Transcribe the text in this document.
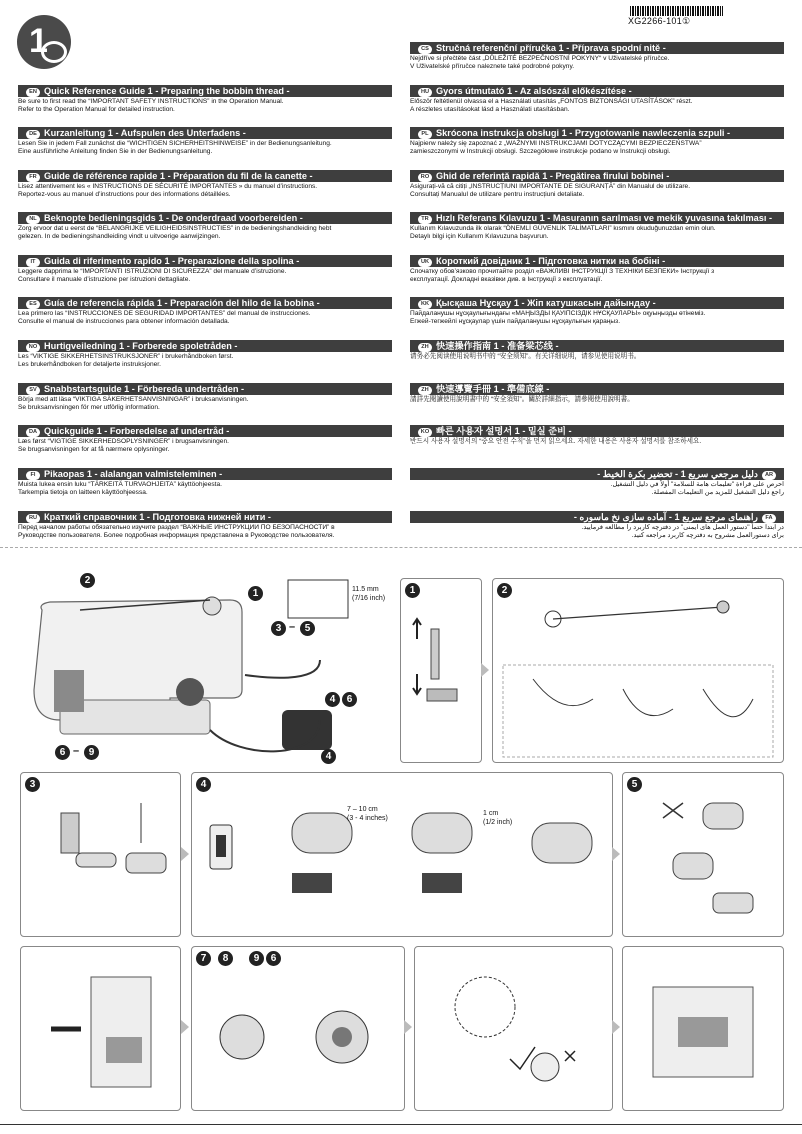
XG2266-101①
1
EN Quick Reference Guide 1 - Preparing the bobbin thread -
Be sure to first read the “IMPORTANT SAFETY INSTRUCTIONS” in the Operation Manual.
Refer to the Operation Manual for detailed instruction.
DE Kurzanleitung 1 - Aufspulen des Unterfadens -
Lesen Sie in jedem Fall zunächst die “WICHTIGEN SICHERHEITSHINWEISE” in der Bedienungsanleitung.
Eine ausführliche Anleitung finden Sie in der Bedienungsanleitung.
FR Guide de référence rapide 1 - Préparation du fil de la canette -
Lisez attentivement les « INSTRUCTIONS DE SÉCURITÉ IMPORTANTES » du manuel d’instructions.
Reportez-vous au manuel d’instructions pour des informations détaillées.
NL Beknopte bedieningsgids 1 - De onderdraad voorbereiden -
Zorg ervoor dat u eerst de “BELANGRIJKE VEILIGHEIDSINSTRUCTIES” in de bedieningshandleiding hebt
gelezen. In de bedieningshandleiding vindt u uitvoerige aanwijzingen.
IT Guida di riferimento rapido 1 - Preparazione della spolina -
Leggere dapprima le “IMPORTANTI ISTRUZIONI DI SICUREZZA” del manuale d’istruzione.
Consultare il manuale d’istruzione per istruzioni dettagliate.
ES Guía de referencia rápida 1 - Preparación del hilo de la bobina -
Lea primero las “INSTRUCCIONES DE SEGURIDAD IMPORTANTES” del manual de instrucciones.
Consulte el manual de instrucciones para obtener información detallada.
NO Hurtigveiledning 1 - Forberede spoletråden -
Les “VIKTIGE SIKKERHETSINSTRUKSJONER” i brukerhåndboken først.
Les brukerhåndboken for detaljerte instruksjoner.
SV Snabbstartsguide 1 - Förbereda undertråden -
Börja med att läsa “VIKTIGA SÄKERHETSANVISNINGAR” i bruksanvisningen.
Se bruksanvisningen för mer utförlig information.
DA Quickguide 1 - Forberedelse af undertråd -
Læs først “VIGTIGE SIKKERHEDSOPLYSNINGER” i brugsanvisningen.
Se brugsanvisningen for at få nærmere oplysninger.
FI Pikaopas 1 - alalangan valmisteleminen -
Muista lukea ensin luku “TÄRKEITÄ TURVAOHJEITA” käyttöohjeesta.
Tarkempia tietoja on laitteen käyttöohjeessa.
RU Краткий справочник 1 - Подготовка нижней нити -
Перед началом работы обязательно изучите раздел “ВАЖНЫЕ ИНСТРУКЦИИ ПО БЕЗОПАСНОСТИ” в
Руководстве пользователя. Более подробная информация представлена в Руководстве пользователя.
CS Stručná referenční příručka 1 - Příprava spodní nitě -
Nejdříve si přečtěte část „DŮLEŽITÉ BEZPEČNOSTNÍ POKYNY“ v Uživatelské příručce.
V Uživatelské příručce naleznete také podrobné pokyny.
HU Gyors útmutató 1 - Az alsószál előkészítése -
Először feltétlenül olvassa el a Használati utasítás „FONTOS BIZTONSÁGI UTASÍTÁSOK” részt.
A részletes utasításokat lásd a Használati utasításban.
PL Skrócona instrukcja obsługi 1 - Przygotowanie nawleczenia szpuli -
Najpierw należy się zapoznać z „WAŻNYMI INSTRUKCJAMI DOTYCZĄCYMI BEZPIECZEŃSTWA”
zamieszczonymi w Instrukcji obsługi. Szczegółowe instrukcje podano w Instrukcji obsługi.
RO Ghid de referință rapidă 1 - Pregătirea firului bobinei -
Asigurați-vă că citiți „INSTRUCȚIUNI IMPORTANTE DE SIGURANȚĂ” din Manualul de utilizare.
Consultați Manualul de utilizare pentru instrucțiuni detaliate.
TR Hızlı Referans Kılavuzu 1 - Masuranın sarılması ve mekik yuvasına takılması -
Kullanım Kılavuzunda ilk olarak “ÖNEMLİ GÜVENLİK TALİMATLARI” kısmını okuduğunuzdan emin olun.
Detaylı bilgi için Kullanım Kılavuzuna başvurun.
UK Короткий довідник 1 - Підготовка нитки на бобіні -
Спочатку обов’язково прочитайте розділ «ВАЖЛИВІ ІНСТРУКЦІЇ З ТЕХНІКИ БЕЗПЕКИ» Інструкції з
експлуатації. Докладні вказівки див. в Інструкції з експлуатації.
KK Қысқаша Нұсқау 1 - Жіп катушкасын дайындау -
Пайдаланушы нұсқаулығындағы «МАҢЫЗДЫ ҚАУІПСІЗДІК НҰСҚАУЛАРЫ» оқуыңызды өтінеміз.
Егжей-тегжейлі нұсқаулар үшін пайдаланушы нұсқаулығын қараңыз.
ZH 快速操作指南 1 - 准备梁芯线 -
请务必先阅读使用说明书中的 “安全须知”。有关详细说明，请参见使用说明书。
ZH 快速導覽手冊 1 - 準備底線 -
請詳先閱讀使用說明書中的 “安全須知”。關於詳細指示，請參閱使用說明書。
KO 빠른 사용자 설명서 1 - 밑실 준비 -
반드시 사용자 설명서의 “중요 안전 수칙”을 먼저 읽으세요. 자세한 내용은 사용자 설명서를 참조하세요.
ARدليل مرجعي سريع 1 - تحضير بكرة الخيط -
احرص على قراءة "تعليمات هامة للسلامة" أولاً في دليل التشغيل.
راجع دليل التشغيل للمزيد من التعليمات المفصلة.
FAراهنمای مرجع سریع 1 - آماده سازی نخ ماسوره -
در ابتدا حتماً "دستور العمل های ایمنی" در دفترچه کاربرد را مطالعه فرمایید.
برای دستورالعمل مشروح به دفترچه کاربرد مراجعه کنید.
2
1
3 – 5
4	6
4
6 – 9
11.5 mm
(7/16 inch)
1	2
3	4
7 – 10 cm
(3 - 4 inches)
1 cm
(1/2 inch)
5
7	8	9	6
